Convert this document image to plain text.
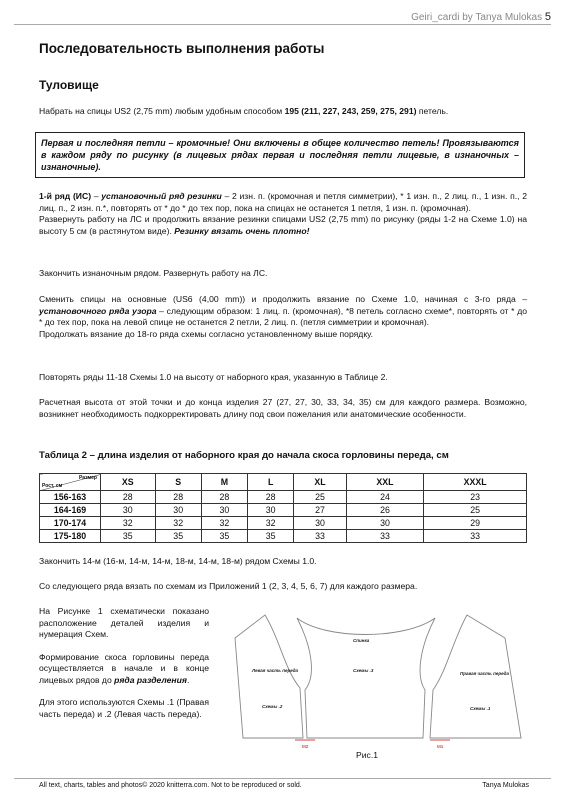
Geiri_cardi by Tanya Mulokas 5
Последовательность выполнения работы
Туловище

Набрать на спицы US2 (2,75 mm) любым удобным способом 195 (211, 227, 243, 259, 275, 291) петель.

Первая и последняя петли – кромочные! Они включены в общее количество петель! Провязываются в каждом ряду по рисунку (в лицевых рядах первая и последняя петли лицевые, в изнаночных – изнаночные).

1-й ряд (ИС) – установочный ряд резинки – 2 изн. п. (кромочная и петля симметрии), * 1 изн. п., 2 лиц. п., 1 изн. п., 2 лиц. п., 2 изн. п.*, повторять от * до * до тех пор, пока на спицах не останется 1 петля, 1 изн. п. (кромочная).

Развернуть работу на ЛС и продолжить вязание резинки спицами US2 (2,75 mm) по рисунку (ряды 1-2 на Схеме 1.0) на высоту 5 см (в растянутом виде). Резинку вязать очень плотно!

Закончить изнаночным рядом. Развернуть работу на ЛС.

Сменить спицы на основные (US6 (4,00 mm)) и продолжить вязание по Схеме 1.0, начиная с 3-го ряда – установочного ряда узора – следующим образом: 1 лиц. п. (кромочная), *8 петель согласно схеме*, повторять от * до * до тех пор, пока на левой спице не останется 2 петли, 2 лиц. п. (петля симметрии и кромочная).

Продолжать вязание до 18-го ряда схемы согласно установленному выше порядку.

Повторять ряды 11-18 Схемы 1.0 на высоту от наборного края, указанную в Таблице 2.

Расчетная высота от этой точки и до конца изделия 27 (27, 27, 30, 33, 34, 35) см для каждого размера. Возможно, возникнет необходимость подкорректировать длину под свои пожелания или анатомические особенности.

Таблица 2 – длина изделия от наборного края до начала скоса горловины переда, см
Размер
Рост, см	XS	S	M	L	XL	XXL	XXXL
156-163	28	28	28	28	25	24	23
164-169	30	30	30	30	27	26	25
170-174	32	32	32	32	30	30	29
175-180	35	35	35	35	33	33	33

Закончить 14-м (16-м, 14-м, 14-м, 18-м, 14-м, 18-м) рядом Схемы 1.0.

Со следующего ряда вязать по схемам из Приложений 1 (2, 3, 4, 5, 6, 7) для каждого размера.

На Рисунке 1 схематически показано расположение деталей изделия и нумерация Схем.

Формирование скоса горловины переда осуществляется в начале и в конце лицевых рядов до ряда разделения.

Для этого используются Схемы .1 (Правая часть переда) и .2 (Левая часть переда).

Спинка
Схемы .3
Левая часть переда
Правая часть переда
Схемы .2	Схемы .1
M2	M1
Рис.1
All text, charts, tables and photos© 2020 knitterra.com. Not to be reproduced or sold.	Tanya Mulokas
